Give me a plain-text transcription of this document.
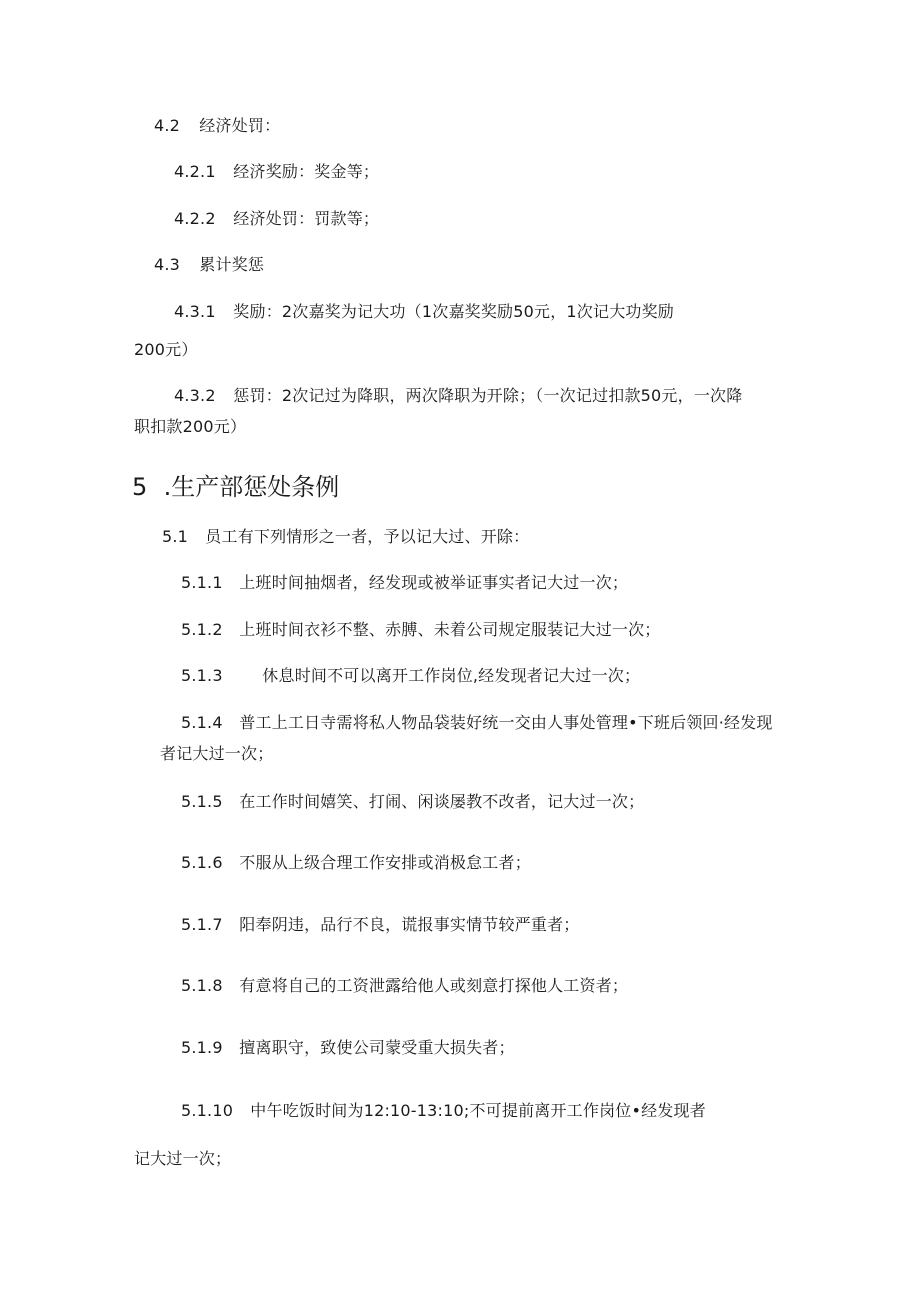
4.2 经济处罚：

4.2.1 经济奖励：奖金等；

4.2.2 经济处罚：罚款等；

4.3 累计奖惩

4.3.1 奖励：2次嘉奖为记大功（1次嘉奖奖励50元，1次记大功奖励

200元）

4.3.2 惩罚：2次记过为降职，两次降职为开除；（一次记过扣款50元，一次降

职扣款200元）

5 .生产部惩处条例

5.1 员工有下列情形之一者，予以记大过、开除：

5.1.1 上班时间抽烟者，经发现或被举证事实者记大过一次；

5.1.2 上班时间衣衫不整、赤膊、未着公司规定服装记大过一次；

5.1.3 休息时间不可以离开工作岗位,经发现者记大过一次；

5.1.4 普工上工日寺需将私人物品袋装好统一交由人事处管理•下班后领回·经发现

者记大过一次；

5.1.5 在工作时间嬉笑、打闹、闲谈屡教不改者，记大过一次；

5.1.6 不服从上级合理工作安排或消极怠工者；

5.1.7 阳奉阴违，品行不良，谎报事实情节较严重者；

5.1.8 有意将自己的工资泄露给他人或刻意打探他人工资者；

5.1.9 擅离职守，致使公司蒙受重大损失者；

5.1.10 中午吃饭时间为12:10-13:10;不可提前离开工作岗位•经发现者

记大过一次；
